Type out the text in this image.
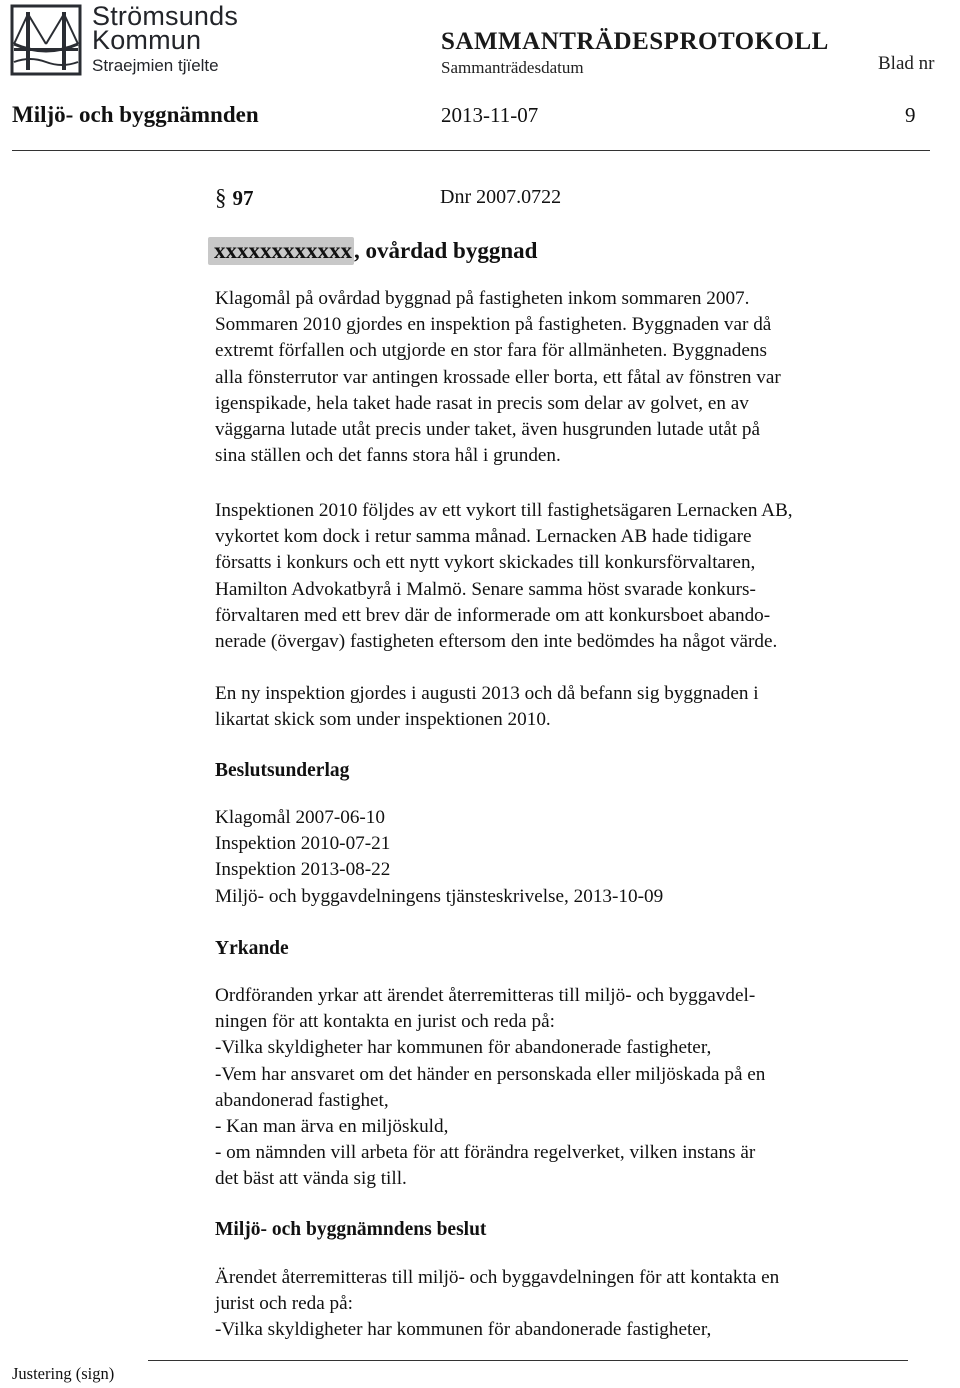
Strömsunds
Kommun
Straejmien tjïelte
SAMMANTRÄDESPROTOKOLL
Sammanträdesdatum	Blad nr
Miljö- och byggnämnden	2013-11-07	9
§ 97	Dnr 2007.0722
xxxxxxxxxxxx, ovårdad byggnad
Klagomål på ovårdad byggnad på fastigheten inkom sommaren 2007.
Sommaren 2010 gjordes en inspektion på fastigheten. Byggnaden var då
extremt förfallen och utgjorde en stor fara för allmänheten. Byggnadens
alla fönsterrutor var antingen krossade eller borta, ett fåtal av fönstren var
igenspikade, hela taket hade rasat in precis som delar av golvet, en av
väggarna lutade utåt precis under taket, även husgrunden lutade utåt på
sina ställen och det fanns stora hål i grunden.
Inspektionen 2010 följdes av ett vykort till fastighetsägaren Lernacken AB,
vykortet kom dock i retur samma månad. Lernacken AB hade tidigare
försatts i konkurs och ett nytt vykort skickades till konkursförvaltaren,
Hamilton Advokatbyrå i Malmö. Senare samma höst svarade konkurs-
förvaltaren med ett brev där de informerade om att konkursboet abando-
nerade (övergav) fastigheten eftersom den inte bedömdes ha något värde.
En ny inspektion gjordes i augusti 2013 och då befann sig byggnaden i
likartat skick som under inspektionen 2010.
Beslutsunderlag
Klagomål 2007-06-10
Inspektion 2010-07-21
Inspektion 2013-08-22
Miljö- och byggavdelningens tjänsteskrivelse, 2013-10-09
Yrkande
Ordföranden yrkar att ärendet återremitteras till miljö- och byggavdel-
ningen för att kontakta en jurist och reda på:
-Vilka skyldigheter har kommunen för abandonerade fastigheter,
-Vem har ansvaret om det händer en personskada eller miljöskada på en
abandonerad fastighet,
- Kan man ärva en miljöskuld,
- om nämnden vill arbeta för att förändra regelverket, vilken instans är
det bäst att vända sig till.
Miljö- och byggnämndens beslut
Ärendet återremitteras till miljö- och byggavdelningen för att kontakta en
jurist och reda på:
-Vilka skyldigheter har kommunen för abandonerade fastigheter,
Justering (sign)
